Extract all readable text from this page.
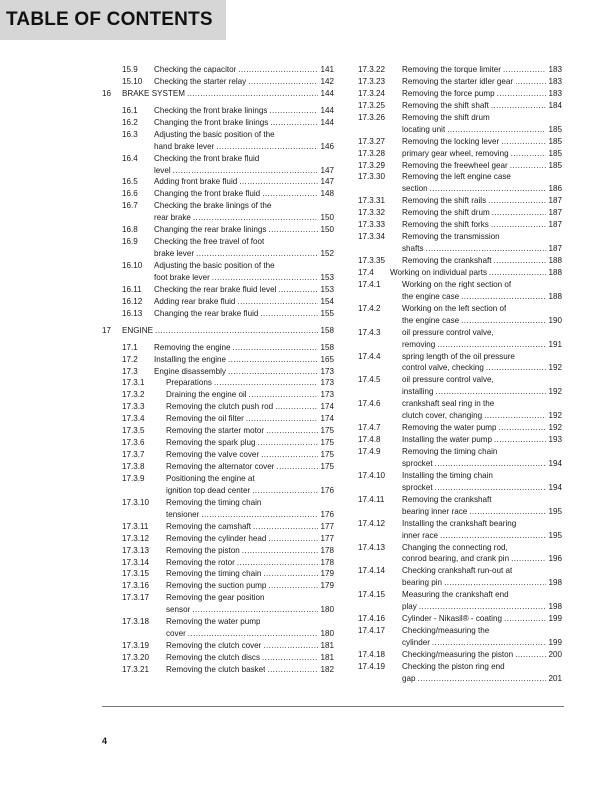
TABLE OF CONTENTS
15.9 Checking the capacitor .....	141
15.10 Checking the starter relay .....	142
16 BRAKE SYSTEM .....	144
16.1 Checking the front brake linings .....	144
16.2 Changing the front brake linings .....	144
16.3 Adjusting the basic position of the
hand brake lever .....	146
16.4 Checking the front brake fluid
level .....	147
16.5 Adding front brake fluid .....	147
16.6 Changing the front brake fluid .....	148
16.7 Checking the brake linings of the
rear brake .....	150
16.8 Changing the rear brake linings .....	150
16.9 Checking the free travel of foot
brake lever .....	152
16.10 Adjusting the basic position of the
foot brake lever .....	153
16.11 Checking the rear brake fluid level .....	153
16.12 Adding rear brake fluid .....	154
16.13 Changing the rear brake fluid .....	155
17 ENGINE .....	158
17.1 Removing the engine .....	158
17.2 Installing the engine .....	165
17.3 Engine disassembly .....	173
17.3.1	Preparations .....	173
17.3.2	Draining the engine oil .....	173
17.3.3	Removing the clutch push rod .....	174
17.3.4	Removing the oil filter .....	174
17.3.5	Removing the starter motor .....	175
17.3.6	Removing the spark plug .....	175
17.3.7	Removing the valve cover .....	175
17.3.8	Removing the alternator cover .....	175
17.3.9	Positioning the engine at
ignition top dead center .....	176
17.3.10 Removing the timing chain
tensioner .....	176
17.3.11 Removing the camshaft .....	177
17.3.12 Removing the cylinder head .....	177
17.3.13 Removing the piston .....	178
17.3.14 Removing the rotor .....	178
17.3.15 Removing the timing chain .....	179
17.3.16 Removing the suction pump .....	179
17.3.17 Removing the gear position
sensor .....	180
17.3.18 Removing the water pump
cover .....	180
17.3.19 Removing the clutch cover .....	181
17.3.20 Removing the clutch discs .....	181
17.3.21 Removing the clutch basket .....	182
17.3.22 Removing the torque limiter .....	183
17.3.23 Removing the starter idler gear .....	183
17.3.24 Removing the force pump .....	183
17.3.25 Removing the shift shaft .....	184
17.3.26 Removing the shift drum
locating unit .....	185
17.3.27 Removing the locking lever .....	185
17.3.28 primary gear wheel, removing .....	185
17.3.29 Removing the freewheel gear .....	185
17.3.30 Removing the left engine case
section .....	186
17.3.31 Removing the shift rails .....	187
17.3.32 Removing the shift drum .....	187
17.3.33 Removing the shift forks .....	187
17.3.34 Removing the transmission
shafts .....	187
17.3.35 Removing the crankshaft .....	188
17.4 Working on individual parts .....	188
17.4.1	Working on the right section of
the engine case .....	188
17.4.2	Working on the left section of
the engine case .....	190
17.4.3	oil pressure control valve,
removing .....	191
17.4.4	spring length of the oil pressure
control valve, checking .....	192
17.4.5	oil pressure control valve,
installing .....	192
17.4.6	crankshaft seal ring in the
clutch cover, changing .....	192
17.4.7	Removing the water pump .....	192
17.4.8	Installing the water pump .....	193
17.4.9	Removing the timing chain
sprocket .....	194
17.4.10 Installing the timing chain
sprocket .....	194
17.4.11 Removing the crankshaft
bearing inner race .....	195
17.4.12 Installing the crankshaft bearing
inner race .....	195
17.4.13 Changing the connecting rod,
conrod bearing, and crank pin .....	196
17.4.14 Checking crankshaft run-out at
bearing pin .....	198
17.4.15 Measuring the crankshaft end
play .....	198
17.4.16 Cylinder - Nikasil® - coating .....	199
17.4.17 Checking/measuring the
cylinder .....	199
17.4.18 Checking/measuring the piston .....	200
17.4.19 Checking the piston ring end
gap .....	201
4
